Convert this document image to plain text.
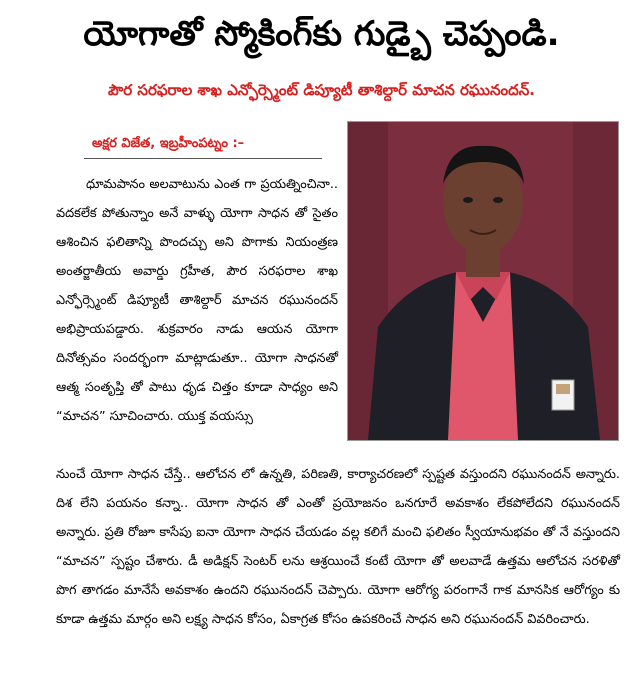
యోగాతో స్మోకింగ్‌కు గుడ్బై చెప్పండి.
పౌర సరఫరాల శాఖ ఎన్ఫోర్స్మెంట్ డిప్యూటీ తాశిల్దార్ మాచన రఘునందన్.
అక్షర విజేత, ఇబ్రహీంపట్నం :–
ధూమపానం అలవాటును ఎంత గా ప్రయత్నించినా.. వదకలేక పోతున్నాం అనే వాళ్ళు యోగా సాధన తో సైతం ఆశించిన ఫలితాన్ని పొందచ్చు అని పొగాకు నియంత్రణ అంతర్జాతీయ అవార్డు గ్రహీత, పౌర సరఫరాల శాఖ ఎన్ఫోర్స్మెంట్ డిప్యూటీ తాశిల్దార్ మాచన రఘునందన్ అభిప్రాయపడ్డారు. శుక్రవారం నాడు ఆయన యోగా దినోత్సవం సందర్భంగా మాట్లాడుతూ.. యోగా సాధనతో ఆత్మ సంతృప్తి తో పాటు ధృడ చిత్తం కూడా సాధ్యం అని “మాచన” సూచించారు. యుక్త వయస్సు
నుంచే యోగా సాధన చేస్తే.. ఆలోచన లో ఉన్నతి, పరిణతి, కార్యాచరణలో స్పష్టత వస్తుందని రఘునందన్ అన్నారు. దిశ లేని పయనం కన్నా.. యోగా సాధన తో ఎంతో ప్రయోజనం ఒనగూరే అవకాశం లేకపోలేదని రఘునందన్ అన్నారు. ప్రతి రోజూ కాసేపు ఐనా యోగా సాధన చేయడం వల్ల కలిగే మంచి ఫలితం స్వీయానుభవం తో నే వస్తుందని “మాచన” స్పష్టం చేశారు. డీ అడిక్షన్ సెంటర్ లను ఆశ్రయించే కంటే యోగా తో అలవాడే ఉత్తమ ఆలోచన సరళితో పొగ తాగడం మానేసే అవకాశం ఉందని రఘునందన్ చెప్పారు. యోగా ఆరోగ్య పరంగానే గాక మానసిక ఆరోగ్యం కు కూడా ఉత్తమ మార్గం అని లక్ష్య సాధన కోసం, ఏకాగ్రత కోసం ఉపకరించే సాధన అని రఘునందన్ వివరించారు.
